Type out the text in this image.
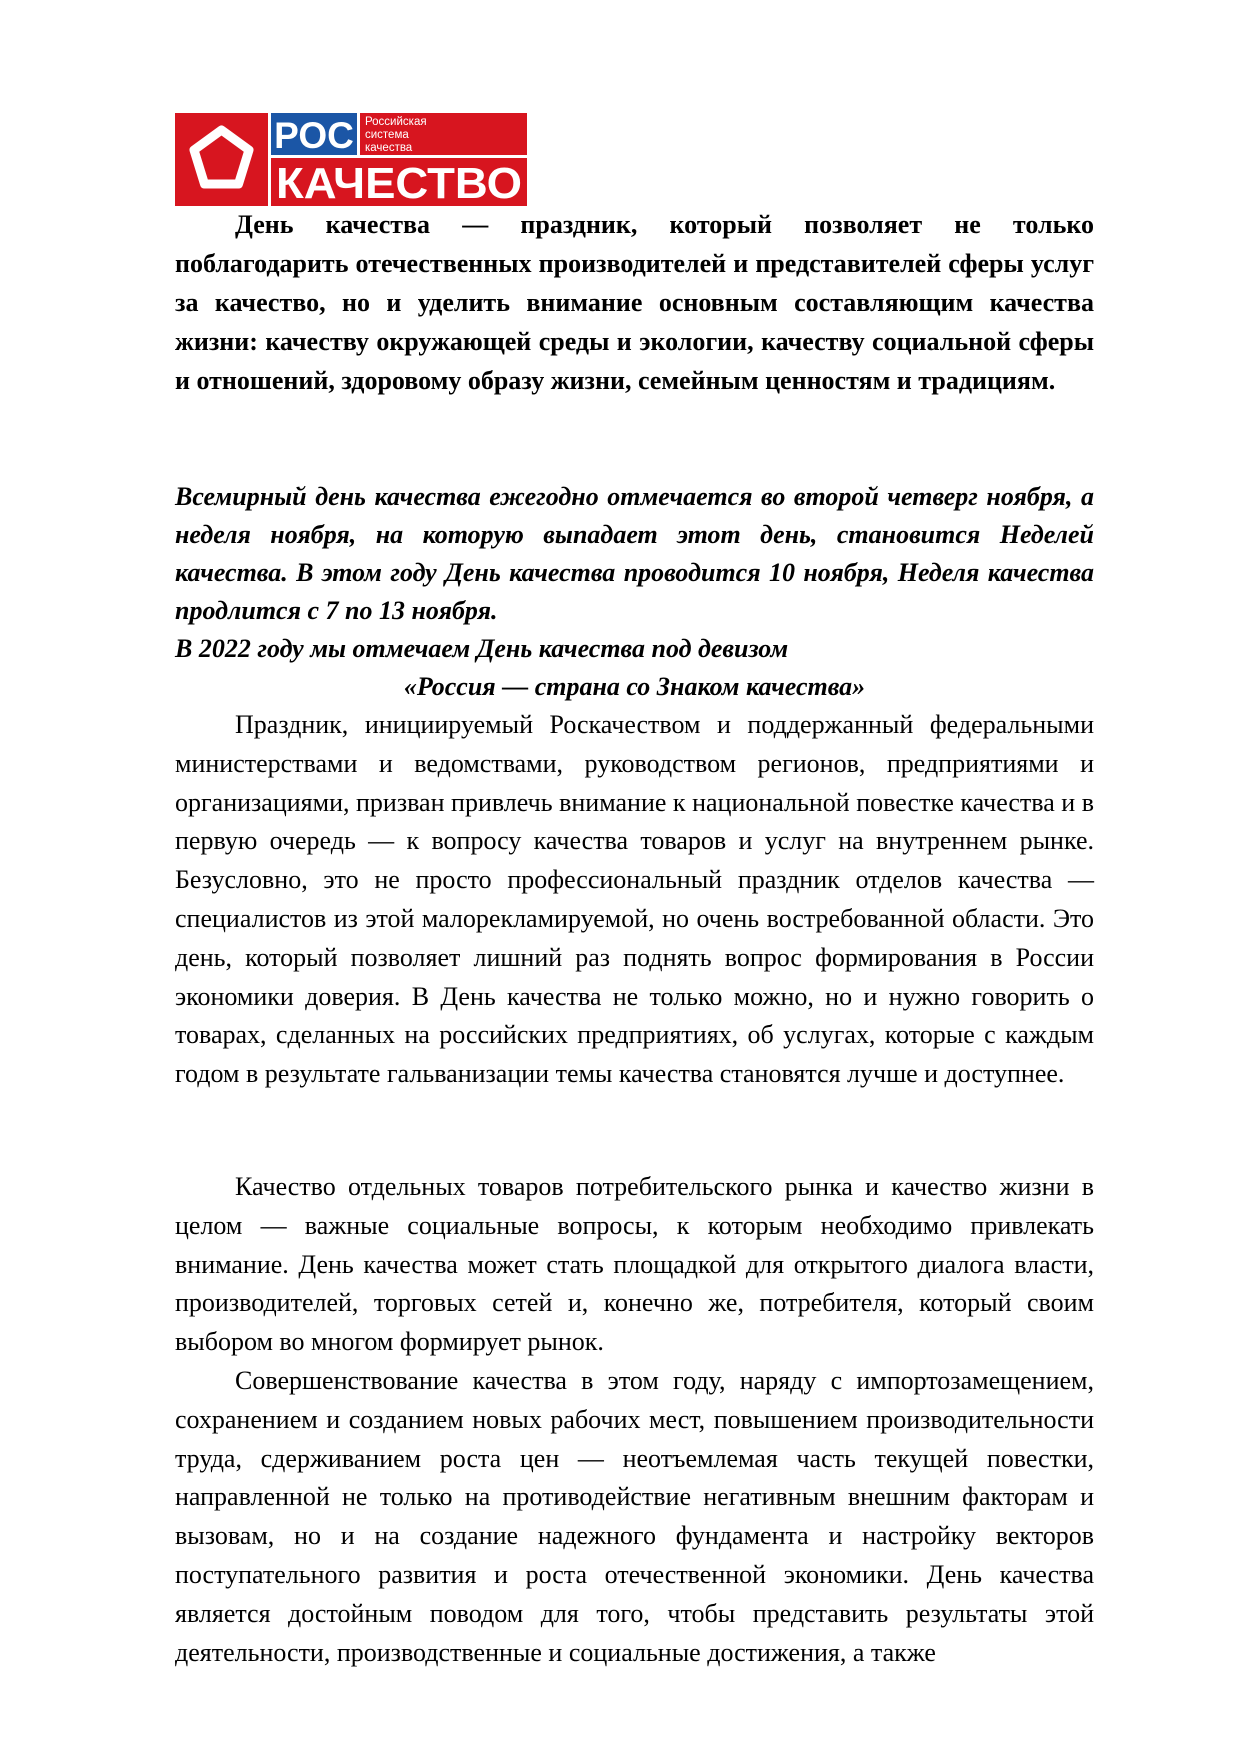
РОС Российская
система
качества
КАЧЕСТВО

День качества — праздник, который позволяет не только поблагодарить отечественных производителей и представителей сферы услуг за качество, но и уделить внимание основным составляющим качества жизни: качеству окружающей среды и экологии, качеству социальной сферы и отношений, здоровому образу жизни, семейным ценностям и традициям.

Всемирный день качества ежегодно отмечается во второй четверг ноября, а неделя ноября, на которую выпадает этот день, становится Неделей качества. В этом году День качества проводится 10 ноября, Неделя качества продлится с 7 по 13 ноября.

В 2022 году мы отмечаем День качества под девизом

«Россия — страна со Знаком качества»

Праздник, инициируемый Роскачеством и поддержанный федеральными министерствами и ведомствами, руководством регионов, предприятиями и организациями, призван привлечь внимание к национальной повестке качества и в первую очередь — к вопросу качества товаров и услуг на внутреннем рынке. Безусловно, это не просто профессиональный праздник отделов качества — специалистов из этой малорекламируемой, но очень востребованной области. Это день, который позволяет лишний раз поднять вопрос формирования в России экономики доверия. В День качества не только можно, но и нужно говорить о товарах, сделанных на российских предприятиях, об услугах, которые с каждым годом в результате гальванизации темы качества становятся лучше и доступнее.

Качество отдельных товаров потребительского рынка и качество жизни в целом — важные социальные вопросы, к которым необходимо привлекать внимание. День качества может стать площадкой для открытого диалога власти, производителей, торговых сетей и, конечно же, потребителя, который своим выбором во многом формирует рынок.

Совершенствование качества в этом году, наряду с импортозамещением, сохранением и созданием новых рабочих мест, повышением производительности труда, сдерживанием роста цен — неотъемлемая часть текущей повестки, направленной не только на противодействие негативным внешним факторам и вызовам, но и на создание надежного фундамента и настройку векторов поступательного развития и роста отечественной экономики. День качества является достойным поводом для того, чтобы представить результаты этой деятельности, производственные и социальные достижения, а также
